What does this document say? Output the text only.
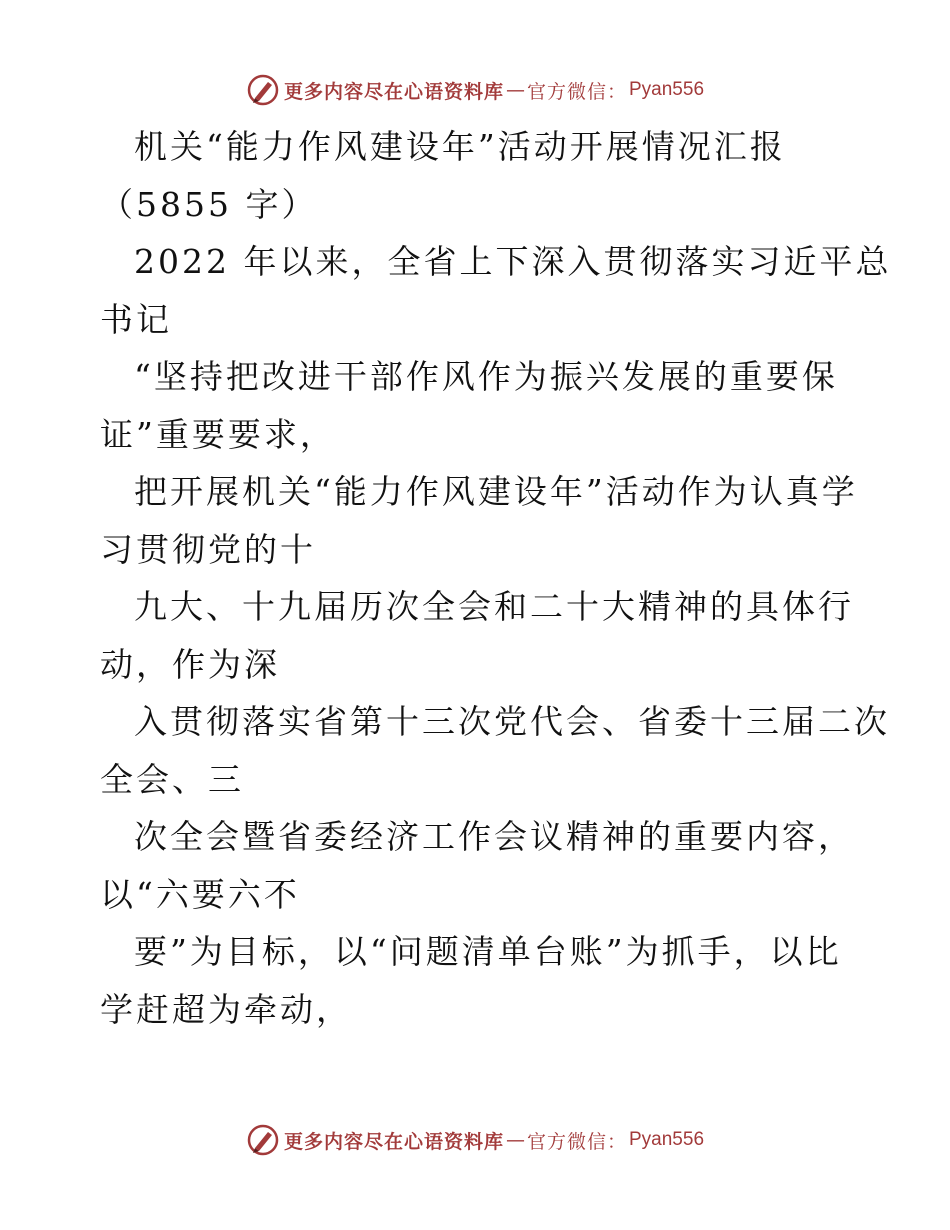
更多内容尽在心语资料库 — 官方微信： Pyan556
机关“能力作风建设年”活动开展情况汇报
（5855 字）
2022 年以来，全省上下深入贯彻落实习近平总
书记
“坚持把改进干部作风作为振兴发展的重要保
证”重要要求，
把开展机关“能力作风建设年”活动作为认真学
习贯彻党的十
九大、十九届历次全会和二十大精神的具体行
动，作为深
入贯彻落实省第十三次党代会、省委十三届二次
全会、三
次全会暨省委经济工作会议精神的重要内容，
以“六要六不
要”为目标，以“问题清单台账”为抓手，以比
学赶超为牵动，
更多内容尽在心语资料库 — 官方微信： Pyan556
